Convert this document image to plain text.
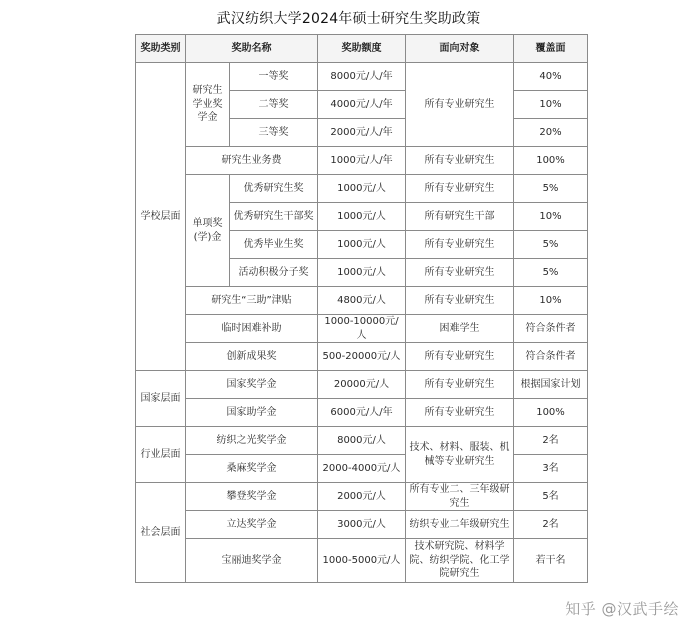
武汉纺织大学2024年硕士研究生奖助政策
奖助类别	奖助名称		奖助额度	面向对象	覆盖面
学校层面	研究生学业奖学金	一等奖	8000元/人/年	所有专业研究生	40%
		二等奖	4000元/人/年		10%
		三等奖	2000元/人/年		20%
	研究生业务费		1000元/人/年	所有专业研究生	100%
	单项奖(学)金	优秀研究生奖	1000元/人	所有专业研究生	5%
		优秀研究生干部奖	1000元/人	所有研究生干部	10%
		优秀毕业生奖	1000元/人	所有专业研究生	5%
		活动积极分子奖	1000元/人	所有专业研究生	5%
	研究生“三助”津贴		4800元/人	所有专业研究生	10%
	临时困难补助		1000-10000元/人	困难学生	符合条件者
	创新成果奖		500-20000元/人	所有专业研究生	符合条件者

国家层面	国家奖学金		20000元/人	所有专业研究生	根据国家计划
	国家助学金		6000元/人/年	所有专业研究生	100%
行业层面	纺织之光奖学金		8000元/人	技术、材料、服装、机械等专业研究生	2名
	桑麻奖学金		2000-4000元/人		3名
社会层面	攀登奖学金		2000元/人	所有专业二、三年级研究生	5名
	立达奖学金		3000元/人	纺织专业二年级研究生	2名
	宝丽迪奖学金		1000-5000元/人	技术研究院、材料学院、纺织学院、化工学院研究生	若干名
知乎 @汉武手绘
